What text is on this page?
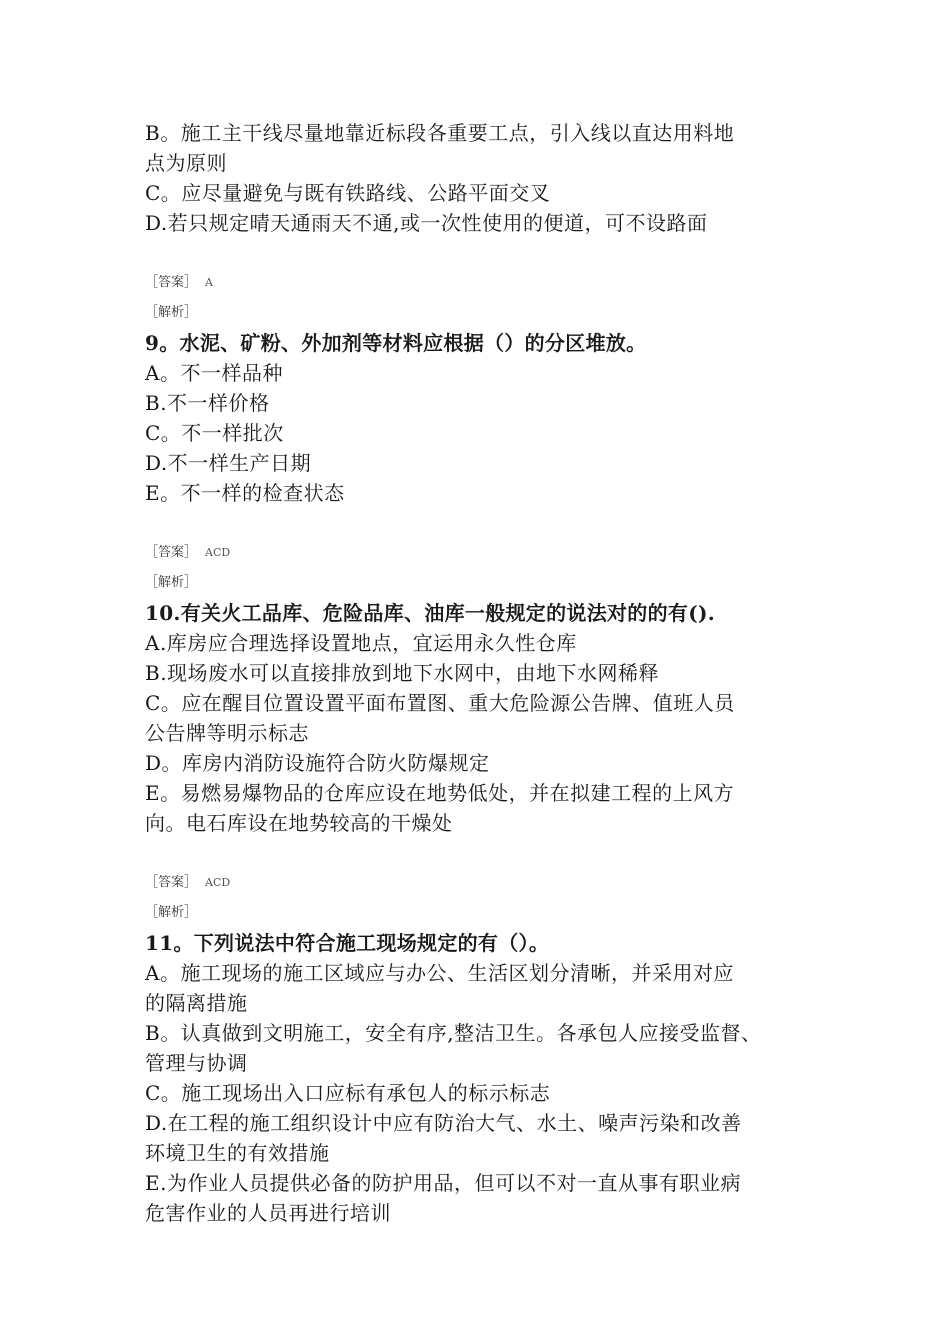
B。施工主干线尽量地靠近标段各重要工点，引入线以直达用料地
点为原则
C。应尽量避免与既有铁路线、公路平面交叉
D.若只规定晴天通雨天不通,或一次性使用的便道，可不设路面
［答案］ A
［解析］
9。水泥、矿粉、外加剂等材料应根据（）的分区堆放。
A。不一样品种
B.不一样价格
C。不一样批次
D.不一样生产日期
E。不一样的检查状态
［答案］ ACD
［解析］
10.有关火工品库、危险品库、油库一般规定的说法对的的有().
A.库房应合理选择设置地点，宜运用永久性仓库
B.现场废水可以直接排放到地下水网中，由地下水网稀释
C。应在醒目位置设置平面布置图、重大危险源公告牌、值班人员
公告牌等明示标志
D。库房内消防设施符合防火防爆规定
E。易燃易爆物品的仓库应设在地势低处，并在拟建工程的上风方
向。电石库设在地势较高的干燥处
［答案］ ACD
［解析］
11。下列说法中符合施工现场规定的有（）。
A。施工现场的施工区域应与办公、生活区划分清晰，并采用对应
的隔离措施
B。认真做到文明施工，安全有序,整洁卫生。各承包人应接受监督、
管理与协调
C。施工现场出入口应标有承包人的标示标志
D.在工程的施工组织设计中应有防治大气、水土、噪声污染和改善
环境卫生的有效措施
E.为作业人员提供必备的防护用品，但可以不对一直从事有职业病
危害作业的人员再进行培训
